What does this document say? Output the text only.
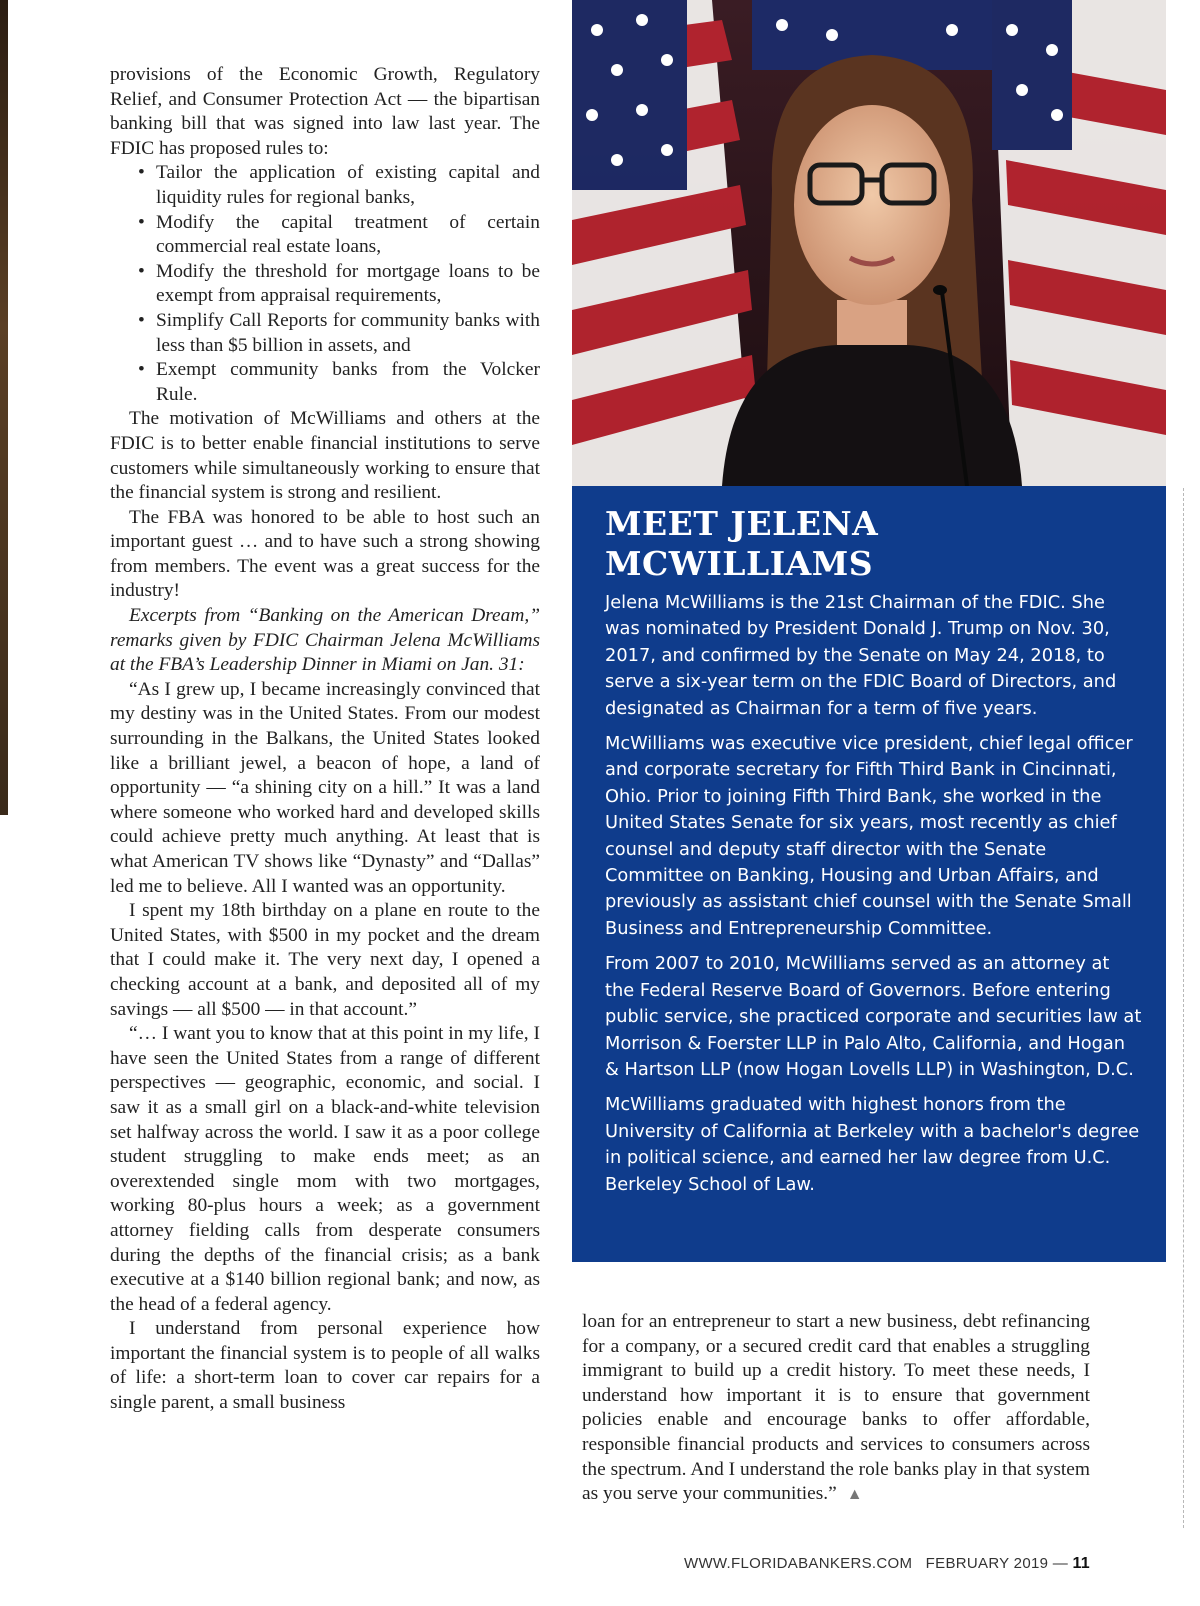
provisions of the Economic Growth, Regulatory Relief, and Consumer Protection Act — the bipartisan banking bill that was signed into law last year. The FDIC has proposed rules to:

• Tailor the application of existing capital and liquidity rules for regional banks,
• Modify the capital treatment of certain commercial real estate loans,
• Modify the threshold for mortgage loans to be exempt from appraisal requirements,
• Simplify Call Reports for community banks with less than $5 billion in assets, and
• Exempt community banks from the Volcker Rule.

The motivation of McWilliams and others at the FDIC is to better enable financial institutions to serve customers while simultaneously working to ensure that the financial system is strong and resilient.

The FBA was honored to be able to host such an important guest … and to have such a strong showing from members. The event was a great success for the industry!

Excerpts from “Banking on the American Dream,” remarks given by FDIC Chairman Jelena McWilliams at the FBA’s Leadership Dinner in Miami on Jan. 31:

“As I grew up, I became increasingly convinced that my destiny was in the United States. From our modest surrounding in the Balkans, the United States looked like a brilliant jewel, a beacon of hope, a land of opportunity — “a shining city on a hill.” It was a land where someone who worked hard and developed skills could achieve pretty much anything. At least that is what American TV shows like “Dynasty” and “Dallas” led me to believe. All I wanted was an opportunity.

I spent my 18th birthday on a plane en route to the United States, with $500 in my pocket and the dream that I could make it. The very next day, I opened a checking account at a bank, and deposited all of my savings — all $500 — in that account.”

“… I want you to know that at this point in my life, I have seen the United States from a range of different perspectives — geographic, economic, and social. I saw it as a small girl on a black-and-white television set halfway across the world. I saw it as a poor college student struggling to make ends meet; as an overextended single mom with two mortgages, working 80-plus hours a week; as a government attorney fielding calls from desperate consumers during the depths of the financial crisis; as a bank executive at a $140 billion regional bank; and now, as the head of a federal agency.

I understand from personal experience how important the financial system is to people of all walks of life: a short-term loan to cover car repairs for a single parent, a small business

MEET JELENA MCWILLIAMS

Jelena McWilliams is the 21st Chairman of the FDIC. She was nominated by President Donald J. Trump on Nov. 30, 2017, and confirmed by the Senate on May 24, 2018, to serve a six-year term on the FDIC Board of Directors, and designated as Chairman for a term of five years.

McWilliams was executive vice president, chief legal officer and corporate secretary for Fifth Third Bank in Cincinnati, Ohio. Prior to joining Fifth Third Bank, she worked in the United States Senate for six years, most recently as chief counsel and deputy staff director with the Senate Committee on Banking, Housing and Urban Affairs, and previously as assistant chief counsel with the Senate Small Business and Entrepreneurship Committee.

From 2007 to 2010, McWilliams served as an attorney at the Federal Reserve Board of Governors. Before entering public service, she practiced corporate and securities law at Morrison & Foerster LLP in Palo Alto, California, and Hogan & Hartson LLP (now Hogan Lovells LLP) in Washington, D.C.

McWilliams graduated with highest honors from the University of California at Berkeley with a bachelor's degree in political science, and earned her law degree from U.C. Berkeley School of Law.

loan for an entrepreneur to start a new business, debt refinancing for a company, or a secured credit card that enables a struggling immigrant to build up a credit history. To meet these needs, I understand how important it is to ensure that government policies enable and encourage banks to offer affordable, responsible financial products and services to consumers across the spectrum. And I understand the role banks play in that system as you serve your communities.” ▲

WWW.FLORIDABANKERS.COM FEBRUARY 2019 — 11
